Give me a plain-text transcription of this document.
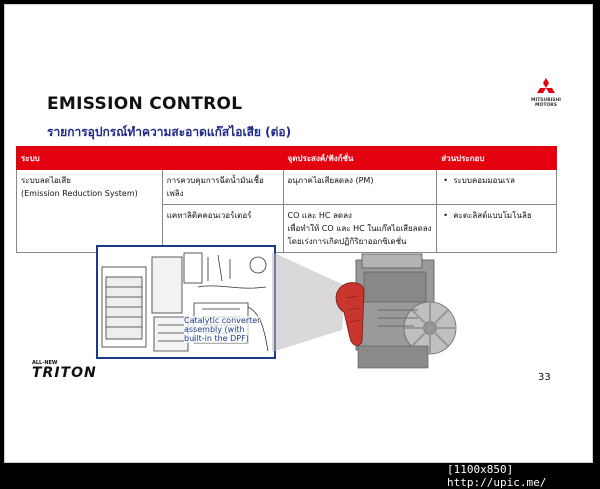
MITSUBISHI MOTORS
EMISSION CONTROL
รายการอุปกรณ์ทำความสะอาดแก๊สไอเสีย (ต่อ)
ระบบ		จุดประสงค์/ฟังก์ชั่น	ส่วนประกอบ

ระบบลดไอเสีย
(Emission Reduction System)	การควบคุมการฉีดน้ำมันเชื้อเพลิง	อนุภาคไอเสียลดลง (PM)	• ระบบคอมมอนเรล
	แคทาลิติคคอนเวอร์เตอร์	CO และ HC ลดลง
เพื่อทำให้ CO และ HC ในแก๊สไอเสียลดลง
โดยเร่งการเกิดปฏิกิริยาออกซิเดชั่น	• คะตะลิสต์แบบโมโนลิธ
Catalytic converter
assembly (with
built-in the DPF)
ALL-NEW
TRITON	33
[1100x850] http://upic.me/
